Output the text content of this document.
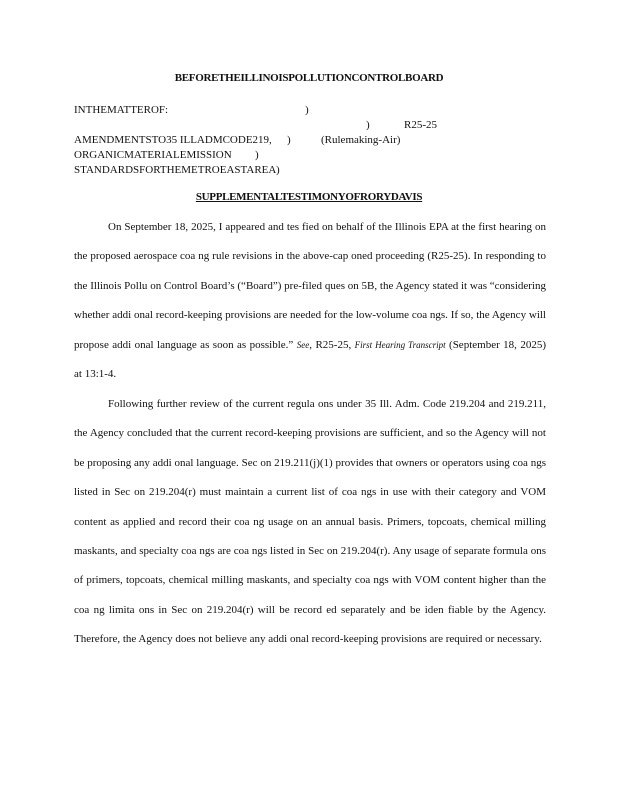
BEFORETHEILLINOISPOLLUTIONCONTROLBOARD
INTHEMATTEROF:	)
)	R25-25
AMENDMENTSTO35 ILLADMCODE219, )	(Rulemaking-Air)
ORGANICMATERIALEMISSION )
STANDARDSFORTHEMETROEASTAREA )
SUPPLEMENTALTESTIMONYOFRORYDAVIS

On September 18, 2025, I appeared and tes fied on behalf of the Illinois EPA at the first hearing on the proposed aerospace coa ng rule revisions in the above-cap oned proceeding (R25-25). In responding to the Illinois Pollu on Control Board’s (“Board”) pre-filed ques on 5B, the Agency stated it was “considering whether addi onal record-keeping provisions are needed for the low-volume coa ngs. If so, the Agency will propose addi onal language as soon as possible.” See, R25-25, First Hearing Transcript (September 18, 2025) at 13:1-4.

Following further review of the current regula ons under 35 Ill. Adm. Code 219.204 and 219.211, the Agency concluded that the current record-keeping provisions are sufficient, and so the Agency will not be proposing any addi onal language. Sec on 219.211(j)(1) provides that owners or operators using coa ngs listed in Sec on 219.204(r) must maintain a current list of coa ngs in use with their category and VOM content as applied and record their coa ng usage on an annual basis. Primers, topcoats, chemical milling maskants, and specialty coa ngs are coa ngs listed in Sec on 219.204(r). Any usage of separate formula ons of primers, topcoats, chemical milling maskants, and specialty coa ngs with VOM content higher than the coa ng limita ons in Sec on 219.204(r) will be record ed separately and be iden fiable by the Agency. Therefore, the Agency does not believe any addi onal record-keeping provisions are required or necessary.
